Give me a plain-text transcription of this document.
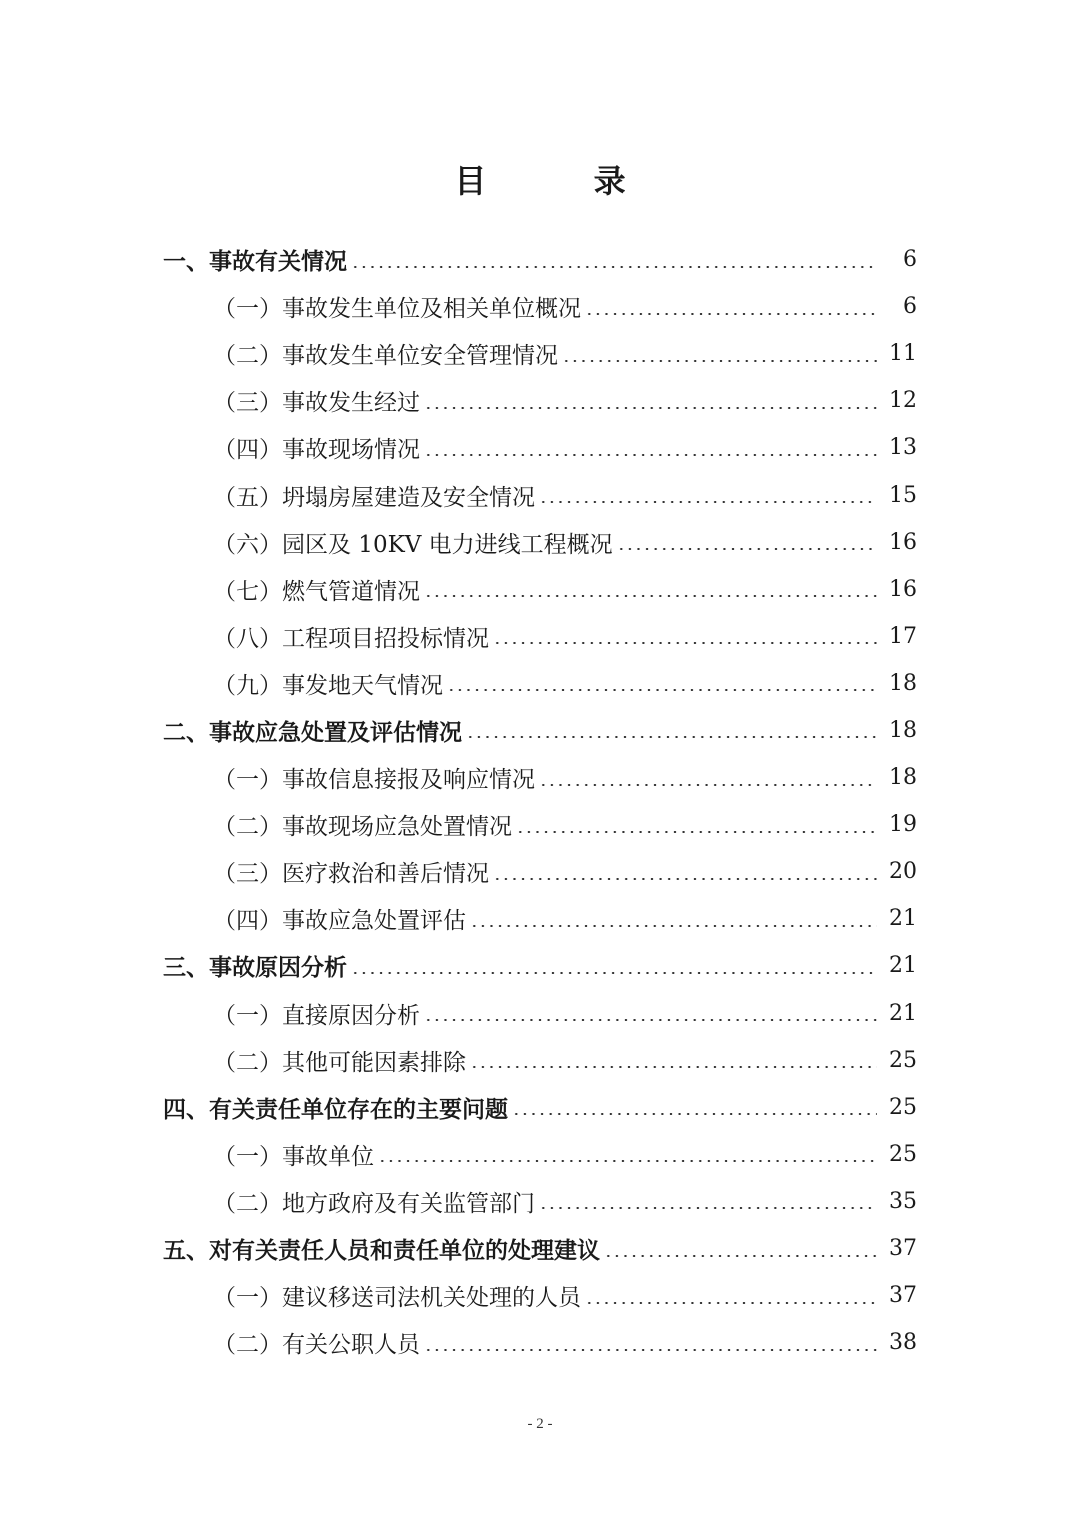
目 录
一、事故有关情况	6
（一）事故发生单位及相关单位概况	6
（二）事故发生单位安全管理情况	11
（三）事故发生经过	12
（四）事故现场情况	13
（五）坍塌房屋建造及安全情况	15
（六）园区及 10KV 电力进线工程概况	16
（七）燃气管道情况	16
（八）工程项目招投标情况	17
（九）事发地天气情况	18
二、事故应急处置及评估情况	18
（一）事故信息接报及响应情况	18
（二）事故现场应急处置情况	19
（三）医疗救治和善后情况	20
（四）事故应急处置评估	21
三、事故原因分析	21
（一）直接原因分析	21
（二）其他可能因素排除	25
四、有关责任单位存在的主要问题	25
（一）事故单位	25
（二）地方政府及有关监管部门	35
五、对有关责任人员和责任单位的处理建议	37
（一）建议移送司法机关处理的人员	37
（二）有关公职人员	38
- 2 -
